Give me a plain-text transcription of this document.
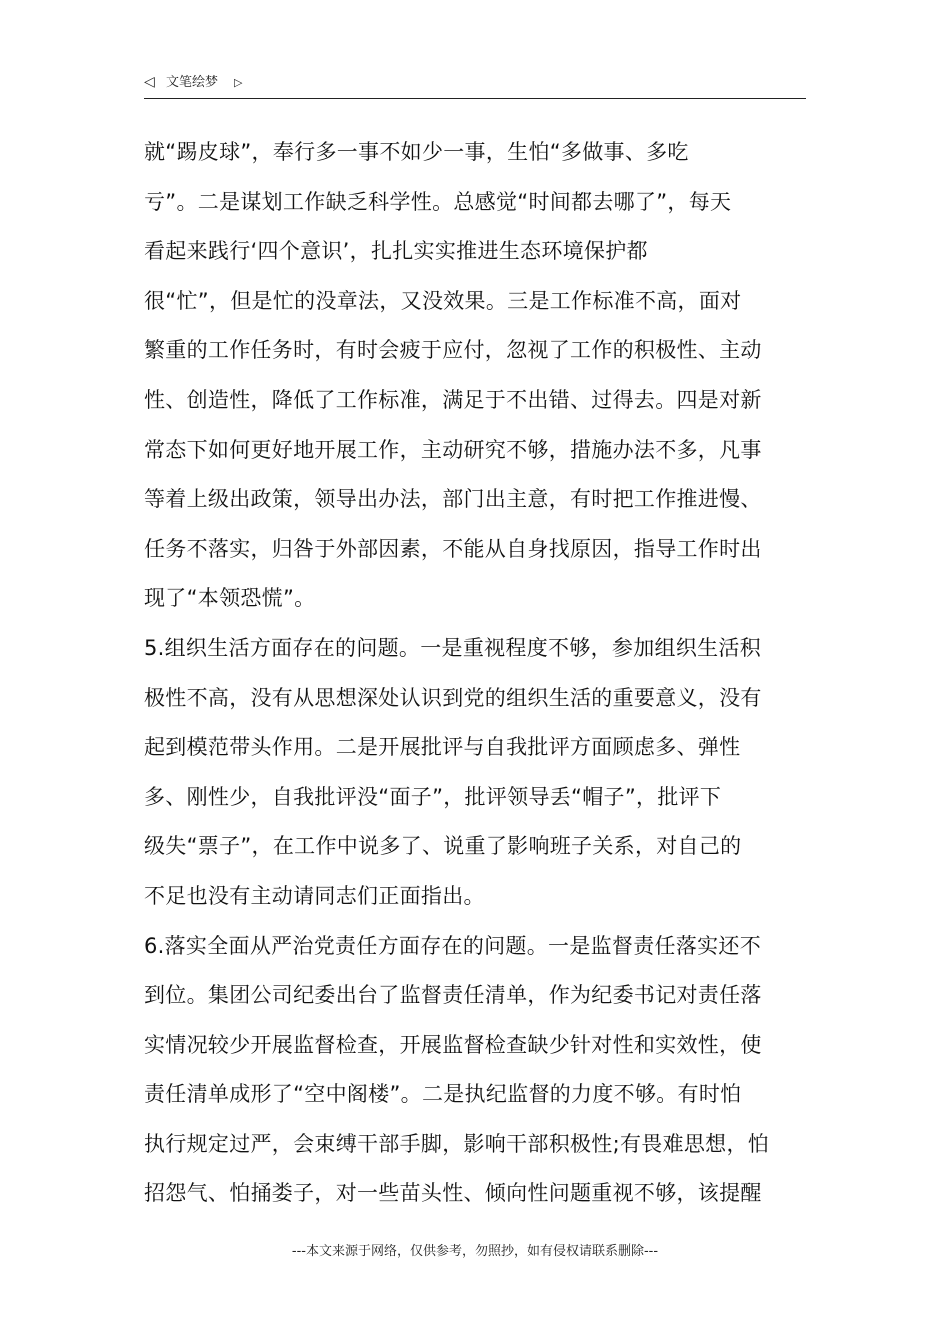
◁ 文笔绘梦 ▷
就“踢皮球”，奉行多一事不如少一事，生怕“多做事、多吃
亏”。二是谋划工作缺乏科学性。总感觉“时间都去哪了”，每天
看起来践行‘四个意识’，扎扎实实推进生态环境保护都
很“忙”，但是忙的没章法，又没效果。三是工作标准不高，面对
繁重的工作任务时，有时会疲于应付，忽视了工作的积极性、主动
性、创造性，降低了工作标准，满足于不出错、过得去。四是对新
常态下如何更好地开展工作，主动研究不够，措施办法不多，凡事
等着上级出政策，领导出办法，部门出主意，有时把工作推进慢、
任务不落实，归咎于外部因素，不能从自身找原因，指导工作时出
现了“本领恐慌”。
5.组织生活方面存在的问题。一是重视程度不够，参加组织生活积
极性不高，没有从思想深处认识到党的组织生活的重要意义，没有
起到模范带头作用。二是开展批评与自我批评方面顾虑多、弹性
多、刚性少，自我批评没“面子”，批评领导丢“帽子”，批评下
级失“票子”，在工作中说多了、说重了影响班子关系，对自己的
不足也没有主动请同志们正面指出。
6.落实全面从严治党责任方面存在的问题。一是监督责任落实还不
到位。集团公司纪委出台了监督责任清单，作为纪委书记对责任落
实情况较少开展监督检查，开展监督检查缺少针对性和实效性，使
责任清单成形了“空中阁楼”。二是执纪监督的力度不够。有时怕
执行规定过严，会束缚干部手脚，影响干部积极性;有畏难思想，怕
招怨气、怕捅娄子，对一些苗头性、倾向性问题重视不够，该提醒
---本文来源于网络，仅供参考，勿照抄，如有侵权请联系删除---
